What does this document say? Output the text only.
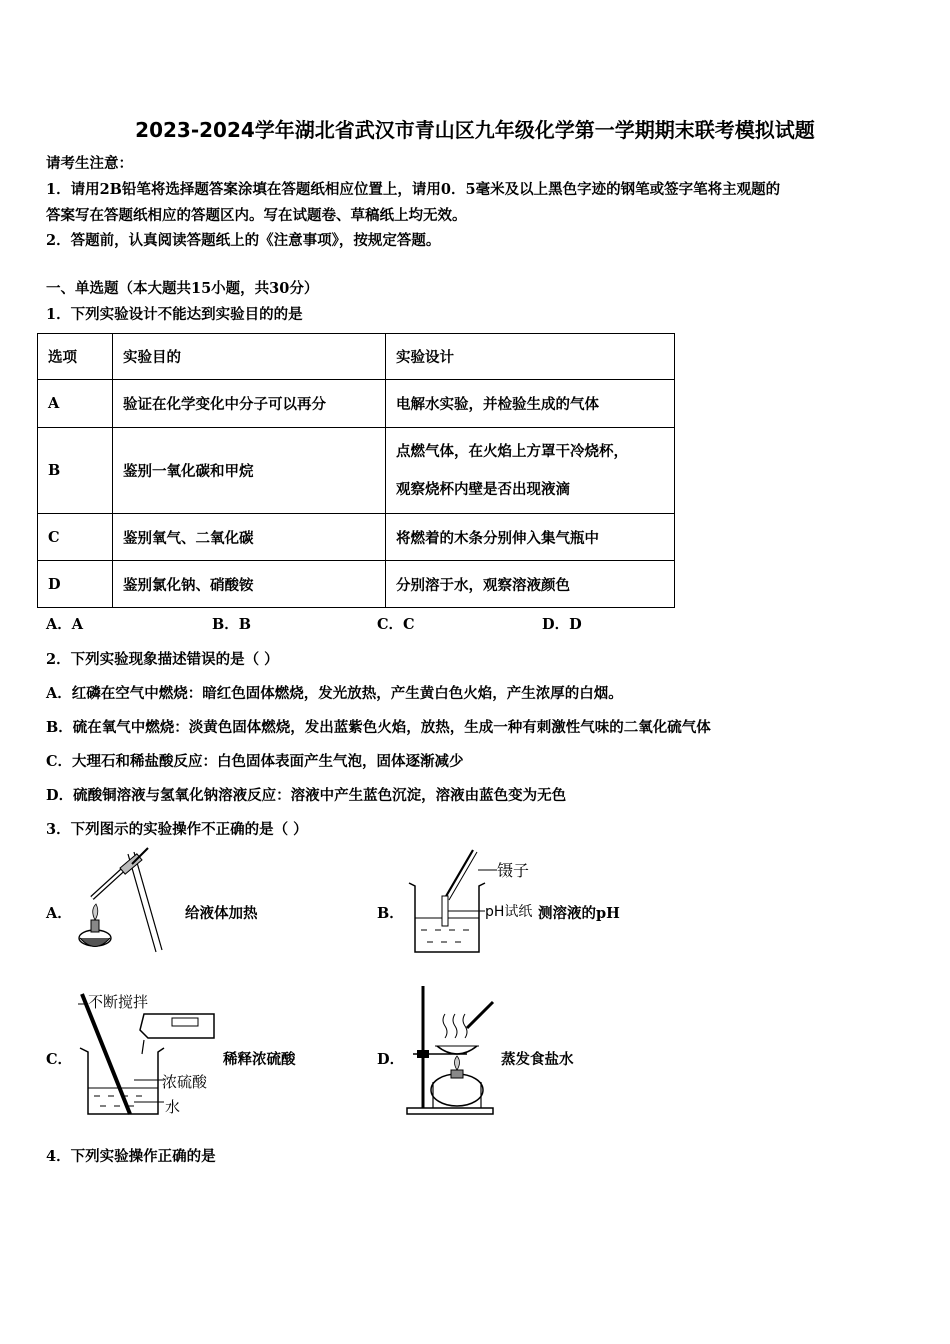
2023-2024学年湖北省武汉市青山区九年级化学第一学期期末联考模拟试题
请考生注意：
1．请用2B铅笔将选择题答案涂填在答题纸相应位置上，请用0．5毫米及以上黑色字迹的钢笔或签字笔将主观题的
答案写在答题纸相应的答题区内。写在试题卷、草稿纸上均无效。
2．答题前，认真阅读答题纸上的《注意事项》，按规定答题。
一、单选题（本大题共15小题，共30分）
1．下列实验设计不能达到实验目的的是
选项	实验目的	实验设计
A	验证在化学变化中分子可以再分	电解水实验，并检验生成的气体
B	鉴别一氧化碳和甲烷	点燃气体，在火焰上方罩干冷烧杯，
观察烧杯内壁是否出现液滴

C	鉴别氧气、二氧化碳	将燃着的木条分别伸入集气瓶中
D	鉴别氯化钠、硝酸铵	分别溶于水，观察溶液颜色
A．A	B．B	C．C	D．D
2．下列实验现象描述错误的是（ ）
A．红磷在空气中燃烧：暗红色固体燃烧，发光放热，产生黄白色火焰，产生浓厚的白烟。
B．硫在氧气中燃烧：淡黄色固体燃烧，发出蓝紫色火焰，放热，生成一种有刺激性气味的二氧化硫气体
C．大理石和稀盐酸反应：白色固体表面产生气泡，固体逐渐减少
D．硫酸铜溶液与氢氧化钠溶液反应：溶液中产生蓝色沉淀，溶液由蓝色变为无色
3．下列图示的实验操作不正确的是（ ）
A．	给液体加热	B．
镊子
pH试纸 测溶液的pH
C．
不断搅拌
浓硫酸
水
稀释浓硫酸	D．	蒸发食盐水
4．下列实验操作正确的是
